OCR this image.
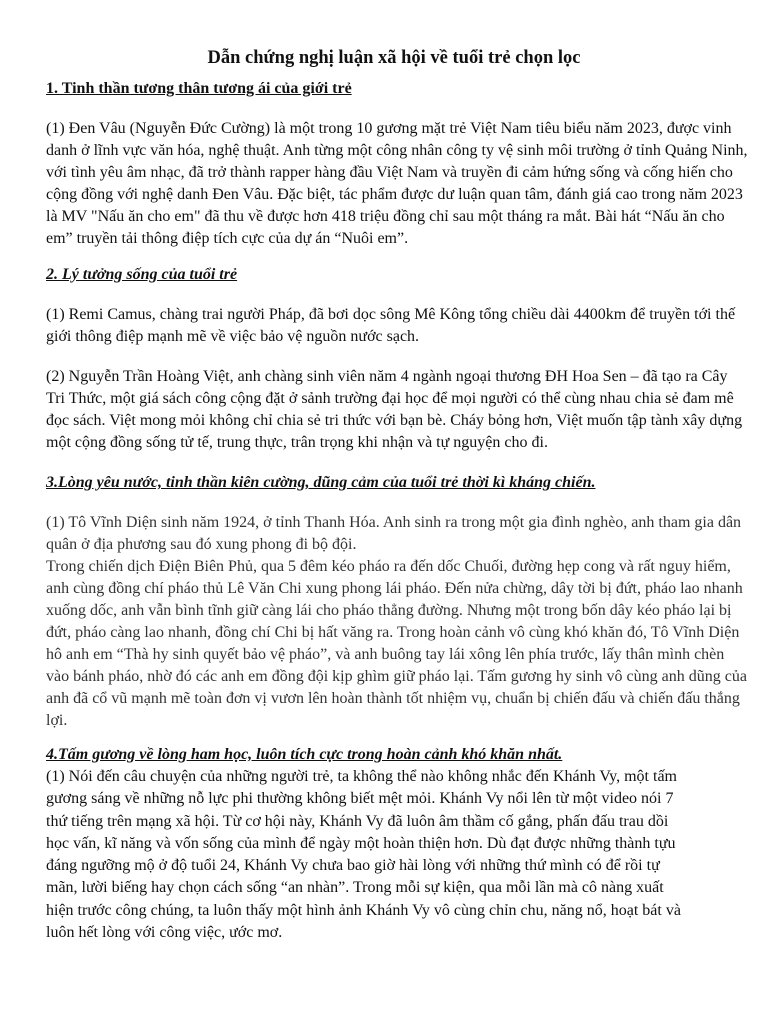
Dẫn chứng nghị luận xã hội về tuổi trẻ chọn lọc

1. Tinh thần tương thân tương ái của giới trẻ

(1) Đen Vâu (Nguyễn Đức Cường) là một trong 10 gương mặt trẻ Việt Nam tiêu biểu năm 2023, được vinh danh ở lĩnh vực văn hóa, nghệ thuật. Anh từng một công nhân công ty vệ sinh môi trường ở tỉnh Quảng Ninh, với tình yêu âm nhạc, đã trở thành rapper hàng đầu Việt Nam và truyền đi cảm hứng sống và cống hiến cho cộng đồng với nghệ danh Đen Vâu. Đặc biệt, tác phẩm được dư luận quan tâm, đánh giá cao trong năm 2023 là MV "Nấu ăn cho em" đã thu về được hơn 418 triệu đồng chỉ sau một tháng ra mắt. Bài hát “Nấu ăn cho em” truyền tải thông điệp tích cực của dự án “Nuôi em”.

2. Lý tưởng sống của tuổi trẻ

(1) Remi Camus, chàng trai người Pháp, đã bơi dọc sông Mê Kông tổng chiều dài 4400km để truyền tới thế giới thông điệp mạnh mẽ về việc bảo vệ nguồn nước sạch.

(2) Nguyễn Trần Hoàng Việt, anh chàng sinh viên năm 4 ngành ngoại thương ĐH Hoa Sen – đã tạo ra Cây Tri Thức, một giá sách công cộng đặt ở sảnh trường đại học để mọi người có thể cùng nhau chia sẻ đam mê đọc sách. Việt mong mỏi không chỉ chia sẻ tri thức với bạn bè. Cháy bỏng hơn, Việt muốn tập tành xây dựng một cộng đồng sống tử tế, trung thực, trân trọng khi nhận và tự nguyện cho đi.

3.Lòng yêu nước, tinh thần kiên cường, dũng cảm của tuổi trẻ thời kì kháng chiến.

(1) Tô Vĩnh Diện sinh năm 1924, ở tỉnh Thanh Hóa. Anh sinh ra trong một gia đình nghèo, anh tham gia dân quân ở địa phương sau đó xung phong đi bộ đội.

Trong chiến dịch Điện Biên Phủ, qua 5 đêm kéo pháo ra đến dốc Chuối, đường hẹp cong và rất nguy hiểm, anh cùng đồng chí pháo thủ Lê Văn Chi xung phong lái pháo. Đến nửa chừng, dây tời bị đứt, pháo lao nhanh xuống dốc, anh vẫn bình tĩnh giữ càng lái cho pháo thẳng đường. Nhưng một trong bốn dây kéo pháo lại bị đứt, pháo càng lao nhanh, đồng chí Chi bị hất văng ra. Trong hoàn cảnh vô cùng khó khăn đó, Tô Vĩnh Diện hô anh em “Thà hy sinh quyết bảo vệ pháo”, và anh buông tay lái xông lên phía trước, lấy thân mình chèn vào bánh pháo, nhờ đó các anh em đồng đội kịp ghìm giữ pháo lại. Tấm gương hy sinh vô cùng anh dũng của anh đã cổ vũ mạnh mẽ toàn đơn vị vươn lên hoàn thành tốt nhiệm vụ, chuẩn bị chiến đấu và chiến đấu thắng lợi.

4.Tấm gương về lòng ham học, luôn tích cực trong hoàn cảnh khó khăn nhất.

(1) Nói đến câu chuyện của những người trẻ, ta không thể nào không nhắc đến Khánh Vy, một tấm gương sáng về những nỗ lực phi thường không biết mệt mỏi. Khánh Vy nổi lên từ một video nói 7 thứ tiếng trên mạng xã hội. Từ cơ hội này, Khánh Vy đã luôn âm thầm cố gắng, phấn đấu trau dồi học vấn, kĩ năng và vốn sống của mình để ngày một hoàn thiện hơn. Dù đạt được những thành tựu đáng ngưỡng mộ ở độ tuổi 24, Khánh Vy chưa bao giờ hài lòng với những thứ mình có để rồi tự mãn, lười biếng hay chọn cách sống “an nhàn”. Trong mỗi sự kiện, qua mỗi lần mà cô nàng xuất hiện trước công chúng, ta luôn thấy một hình ảnh Khánh Vy vô cùng chỉn chu, năng nổ, hoạt bát và luôn hết lòng với công việc, ước mơ.
